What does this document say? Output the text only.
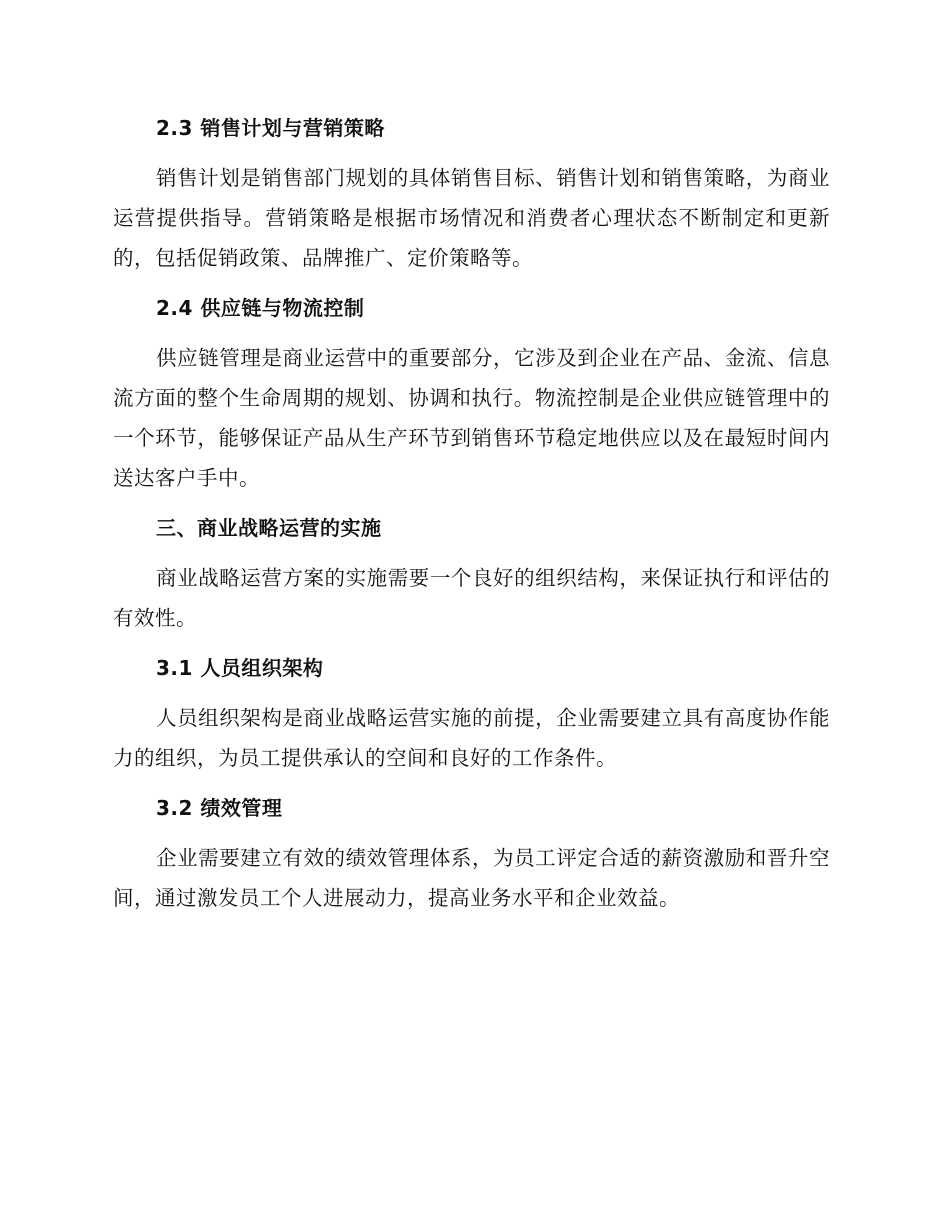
2.3 销售计划与营销策略

销售计划是销售部门规划的具体销售目标、销售计划和销售策略，为商业运营提供指导。营销策略是根据市场情况和消费者心理状态不断制定和更新的，包括促销政策、品牌推广、定价策略等。

2.4 供应链与物流控制

供应链管理是商业运营中的重要部分，它涉及到企业在产品、金流、信息流方面的整个生命周期的规划、协调和执行。物流控制是企业供应链管理中的一个环节，能够保证产品从生产环节到销售环节稳定地供应以及在最短时间内送达客户手中。

三、商业战略运营的实施

商业战略运营方案的实施需要一个良好的组织结构，来保证执行和评估的有效性。

3.1 人员组织架构

人员组织架构是商业战略运营实施的前提，企业需要建立具有高度协作能力的组织，为员工提供承认的空间和良好的工作条件。

3.2 绩效管理

企业需要建立有效的绩效管理体系，为员工评定合适的薪资激励和晋升空间，通过激发员工个人进展动力，提高业务水平和企业效益。
